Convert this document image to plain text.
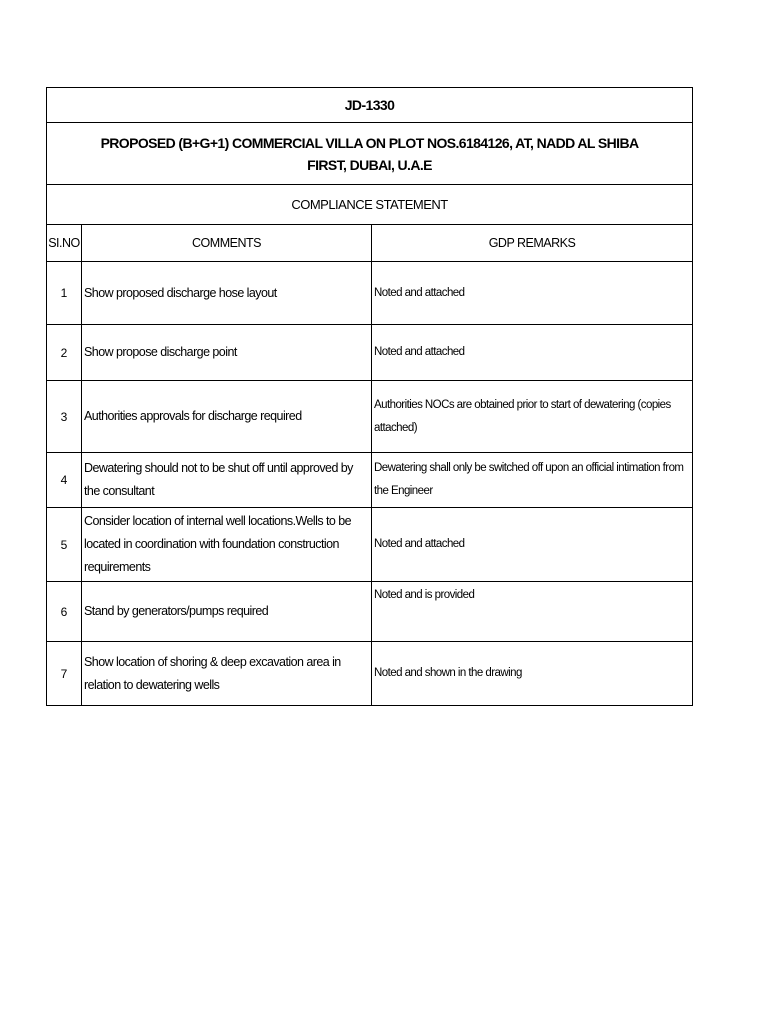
JD-1330		

PROPOSED (B+G+1) COMMERCIAL VILLA ON PLOT NOS.6184126, AT, NADD AL SHIBA
FIRST, DUBAI, U.A.E		

COMPLIANCE STATEMENT		
SI.NO	COMMENTS	GDP REMARKS
1	Show proposed discharge hose layout	Noted and attached
2	Show propose discharge point	Noted and attached
3	Authorities approvals for discharge required	Authorities NOCs are obtained prior to start of dewatering (copies attached)
4	Dewatering should not to be shut off until approved by the consultant	Dewatering shall only be switched off upon an official intimation from the Engineer
5	Consider location of internal well locations.Wells to be located in coordination with foundation construction requirements	Noted and attached
6	Stand by generators/pumps required	Noted and is provided
7	Show location of shoring & deep excavation area in relation to dewatering wells	Noted and shown in the drawing
